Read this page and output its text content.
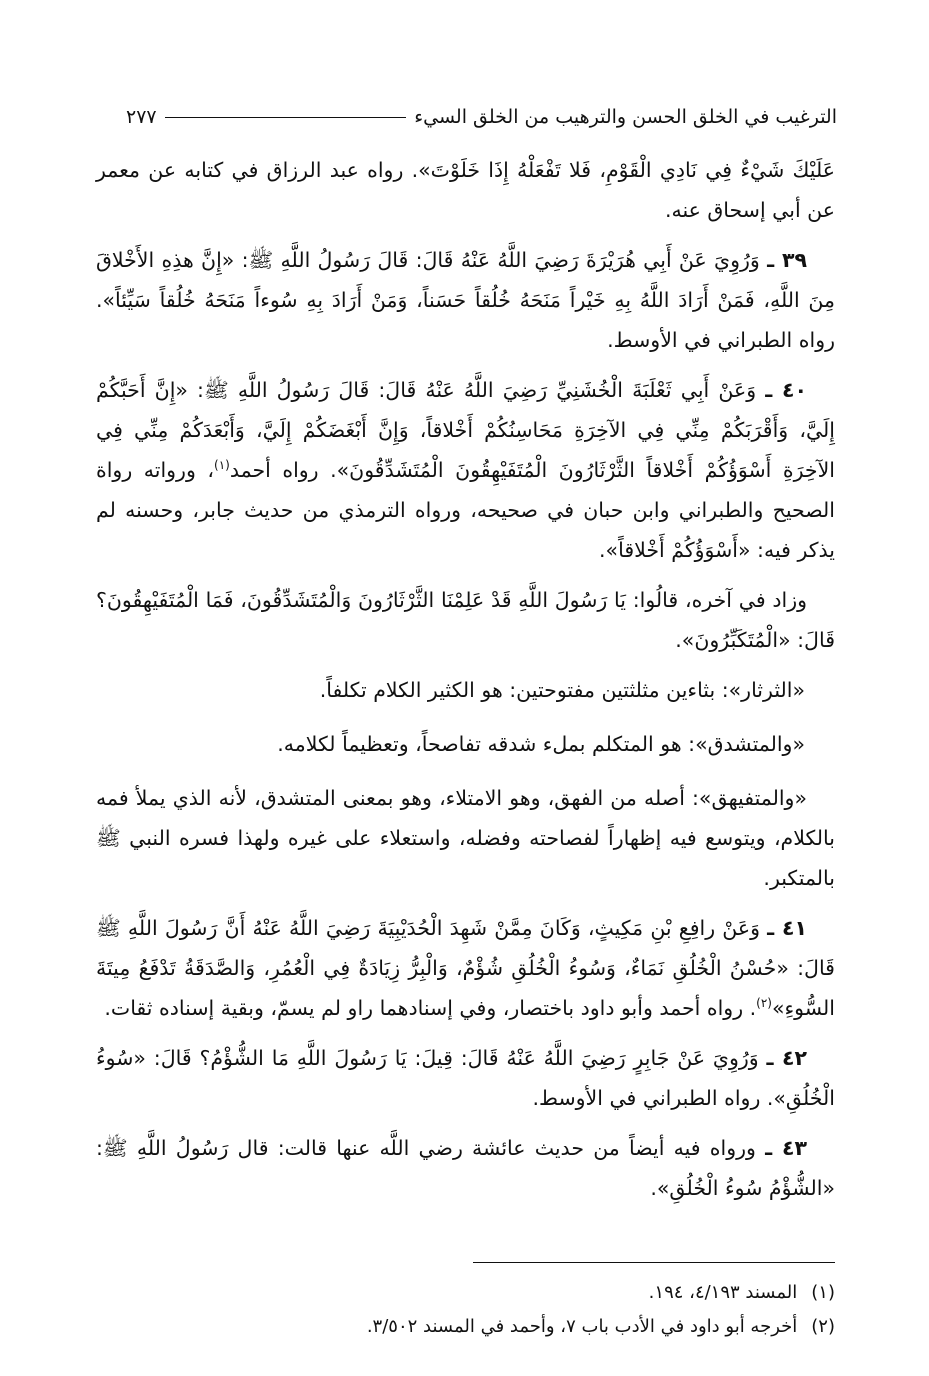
الترغيب في الخلق الحسن والترهيب من الخلق السيء
٢٧٧

عَلَيْكَ شَيْءٌ فِي نَادِي الْقَوْمِ، فَلا تَفْعَلْهُ إِذَا خَلَوْتَ». رواه عبد الرزاق في كتابه عن معمر عن أبي إسحاق عنه.

٣٩ ـ وَرُوِيَ عَنْ أَبِي هُرَيْرَةَ رَضِيَ اللَّهُ عَنْهُ قَالَ: قَالَ رَسُولُ اللَّهِ ﷺ: «إِنَّ هذِهِ الأَخْلاقَ مِنَ اللَّهِ، فَمَنْ أَرَادَ اللَّهُ بِهِ خَيْراً مَنَحَهُ خُلُقاً حَسَناً، وَمَنْ أَرَادَ بِهِ سُوءاً مَنَحَهُ خُلُقاً سَيِّئاً». رواه الطبراني في الأوسط.

٤٠ ـ وَعَنْ أَبِي ثَعْلَبَةَ الْخُشَنِيِّ رَضِيَ اللَّهُ عَنْهُ قَالَ: قَالَ رَسُولُ اللَّهِ ﷺ: «إِنَّ أَحَبَّكُمْ إِلَيَّ، وَأَقْرَبَكُمْ مِنِّي فِي الآخِرَةِ مَحَاسِنُكُمْ أَخْلاقاً، وَإِنَّ أَبْغَضَكُمْ إِلَيَّ، وَأَبْعَدَكُمْ مِنِّي فِي الآخِرَةِ أَسْوَؤُكُمْ أَخْلاقاً الثَّرْثَارُونَ الْمُتَفَيْهِقُونَ الْمُتَشَدِّقُونَ». رواه أحمد$^{(١)}$، ورواته رواة الصحيح والطبراني وابن حبان في صحيحه، ورواه الترمذي من حديث جابر، وحسنه لم يذكر فيه: «أَسْوَؤُكُمْ أَخْلاقاً».

وزاد في آخره، قالُوا: يَا رَسُولَ اللَّهِ قَدْ عَلِمْنَا الثَّرْثَارُونَ وَالْمُتَشَدِّقُونَ، فَمَا الْمُتَفَيْهِقُونَ؟ قَالَ: «الْمُتَكَبِّرُونَ».

«الثرثار»: بثاءين مثلثتين مفتوحتين: هو الكثير الكلام تكلفاً.

«والمتشدق»: هو المتكلم بملء شدقه تفاصحاً، وتعظيماً لكلامه.

«والمتفيهق»: أصله من الفهق، وهو الامتلاء، وهو بمعنى المتشدق، لأنه الذي يملأ فمه بالكلام، ويتوسع فيه إظهاراً لفصاحته وفضله، واستعلاء على غيره ولهذا فسره النبي ﷺ بالمتكبر.

٤١ ـ وَعَنْ رافِعِ بْنِ مَكِيثٍ، وَكَانَ مِمَّنْ شَهِدَ الْحُدَيْبِيَةَ رَضِيَ اللَّهُ عَنْهُ أَنَّ رَسُولَ اللَّهِ ﷺ قَالَ: «حُسْنُ الْخُلُقِ نَمَاءٌ، وَسُوءُ الْخُلُقِ شُؤْمٌ، وَالْبِرُّ زِيَادَةٌ فِي الْعُمُرِ، وَالصَّدَقَةُ تَدْفَعُ مِيتَةَ السُّوءِ»$^{(٢)}$. رواه أحمد وأبو داود باختصار، وفي إسنادهما راو لم يسمّ، وبقية إسناده ثقات.

٤٢ ـ وَرُوِيَ عَنْ جَابِرٍ رَضِيَ اللَّهُ عَنْهُ قَالَ: قِيلَ: يَا رَسُولَ اللَّهِ مَا الشُّؤْمُ؟ قَالَ: «سُوءُ الْخُلُقِ». رواه الطبراني في الأوسط.

٤٣ ـ ورواه فيه أيضاً من حديث عائشة رضي اللَّه عنها قالت: قال رَسُولُ اللَّهِ ﷺ: «الشُّؤْمُ سُوءُ الْخُلُقِ».

(١)
المسند ٤/١٩٣، ١٩٤.
(٢)
أخرجه أبو داود في الأدب باب ٧، وأحمد في المسند ٣/٥٠٢.
